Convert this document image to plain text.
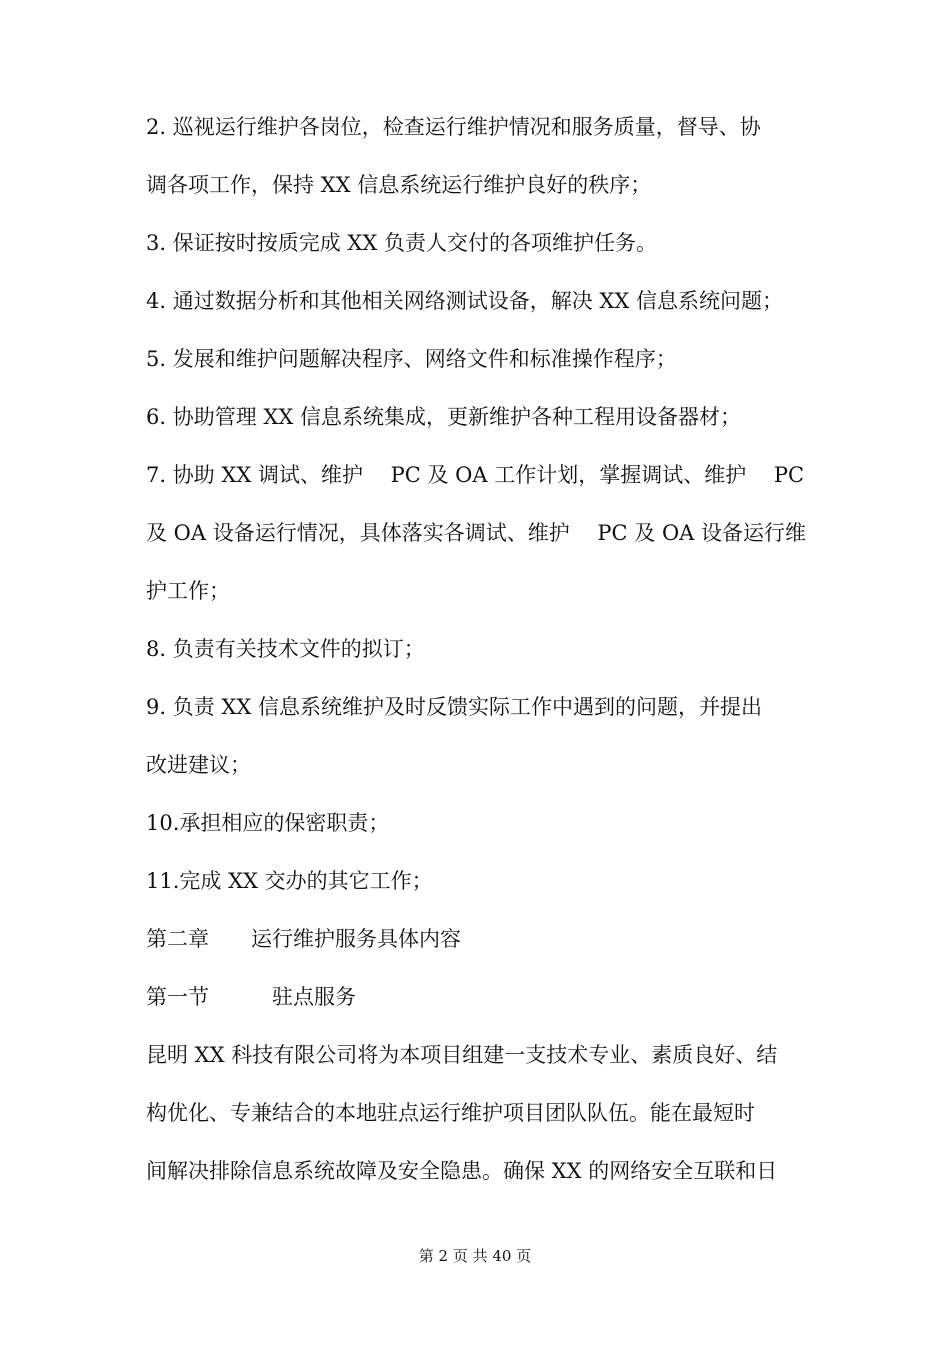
2. 巡视运行维护各岗位，检查运行维护情况和服务质量，督导、协

调各项工作，保持 XX 信息系统运行维护良好的秩序；

3. 保证按时按质完成 XX 负责人交付的各项维护任务。

4. 通过数据分析和其他相关网络测试设备，解决 XX 信息系统问题；

5. 发展和维护问题解决程序、网络文件和标准操作程序；

6. 协助管理 XX 信息系统集成，更新维护各种工程用设备器材；

7. 协助 XX 调试、维护　 PC 及 OA 工作计划，掌握调试、维护　 PC

及 OA 设备运行情况，具体落实各调试、维护　 PC 及 OA 设备运行维

护工作；

8. 负责有关技术文件的拟订；

9. 负责 XX 信息系统维护及时反馈实际工作中遇到的问题，并提出

改进建议；

10.承担相应的保密职责；

11.完成 XX 交办的其它工作；

第二章　　运行维护服务具体内容

第一节　　　驻点服务

昆明 XX 科技有限公司将为本项目组建一支技术专业、素质良好、结

构优化、专兼结合的本地驻点运行维护项目团队队伍。能在最短时

间解决排除信息系统故障及安全隐患。确保 XX 的网络安全互联和日

第 2 页 共 40 页
